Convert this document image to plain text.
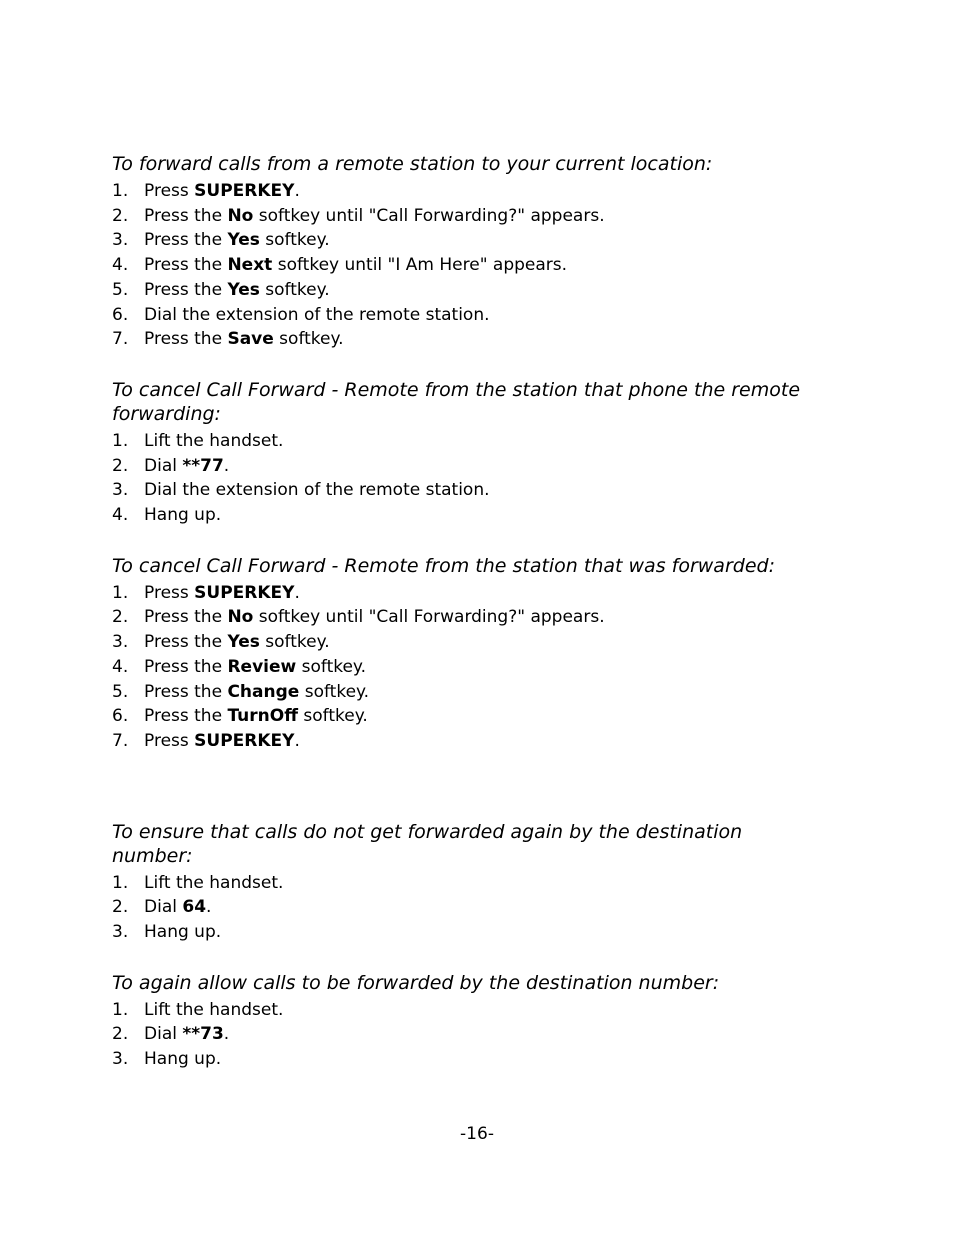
To forward calls from a remote station to your current location:

1. Press SUPERKEY.
2. Press the No softkey until "Call Forwarding?" appears.
3. Press the Yes softkey.
4. Press the Next softkey until "I Am Here" appears.
5. Press the Yes softkey.
6. Dial the extension of the remote station.
7. Press the Save softkey.

To cancel Call Forward - Remote from the station that phone the remote forwarding:

1. Lift the handset.
2. Dial **77.
3. Dial the extension of the remote station.
4. Hang up.

To cancel Call Forward - Remote from the station that was forwarded:

1. Press SUPERKEY.
2. Press the No softkey until "Call Forwarding?" appears.
3. Press the Yes softkey.
4. Press the Review softkey.
5. Press the Change softkey.
6. Press the TurnOff softkey.
7. Press SUPERKEY.

To ensure that calls do not get forwarded again by the destination number:

1. Lift the handset.
2. Dial 64.
3. Hang up.

To again allow calls to be forwarded by the destination number:

1. Lift the handset.
2. Dial **73.
3. Hang up.
-16-
